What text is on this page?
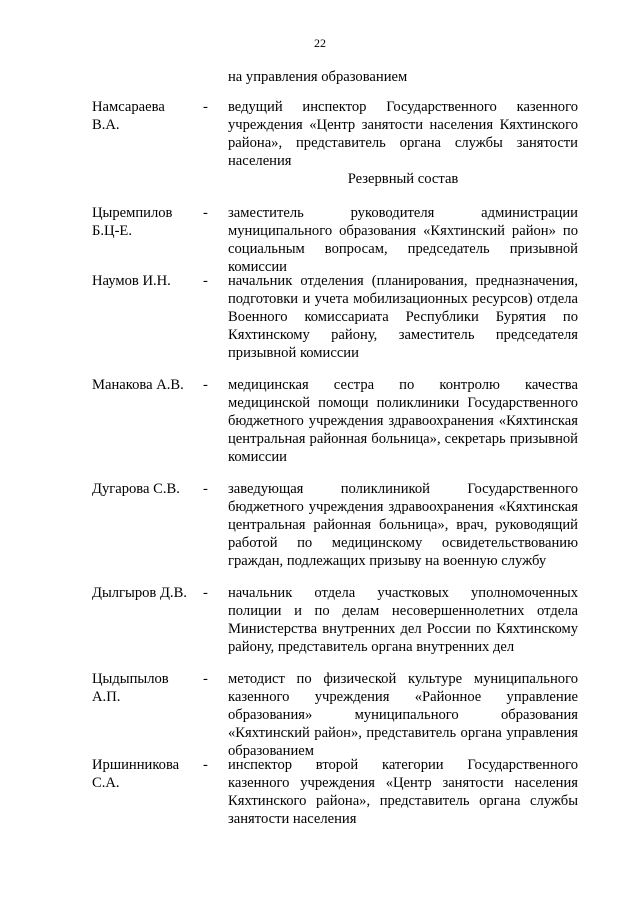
22
на управления образованием
Намсараева
В.А.
- ведущий инспектор Государственного казенного учреждения «Центр занятости населения Кяхтинского района», представитель органа службы занятости населения
Резервный состав
Цыремпилов
Б.Ц-Е.
- заместитель руководителя администрации муниципального образования «Кяхтинский район» по социальным вопросам, председатель призывной комиссии
Наумов И.Н.	- начальник отделения (планирования, предназначения, подготовки и учета мобилизационных ресурсов) отдела Военного комиссариата Республики Бурятия по Кяхтинскому району, заместитель председателя призывной комиссии
Манакова А.В.	- медицинская сестра по контролю качества медицинской помощи поликлиники Государственного бюджетного учреждения здравоохранения «Кяхтинская центральная районная больница», секретарь призывной комиссии
Дугарова С.В.	- заведующая поликлиникой Государственного бюджетного учреждения здравоохранения «Кяхтинская центральная районная больница», врач, руководящий работой по медицинскому освидетельствованию граждан, подлежащих призыву на военную службу
Дылгыров Д.В.	- начальник отдела участковых уполномоченных полиции и по делам несовершеннолетних отдела Министерства внутренних дел России по Кяхтинскому району, представитель органа внутренних дел
Цыдыпылов
А.П.
- методист по физической культуре муниципального казенного учреждения «Районное управление образования» муниципального образования «Кяхтинский район», представитель органа управления образованием
Иршинникова
С.А.
- инспектор второй категории Государственного казенного учреждения «Центр занятости населения Кяхтинского района», представитель органа службы занятости населения
